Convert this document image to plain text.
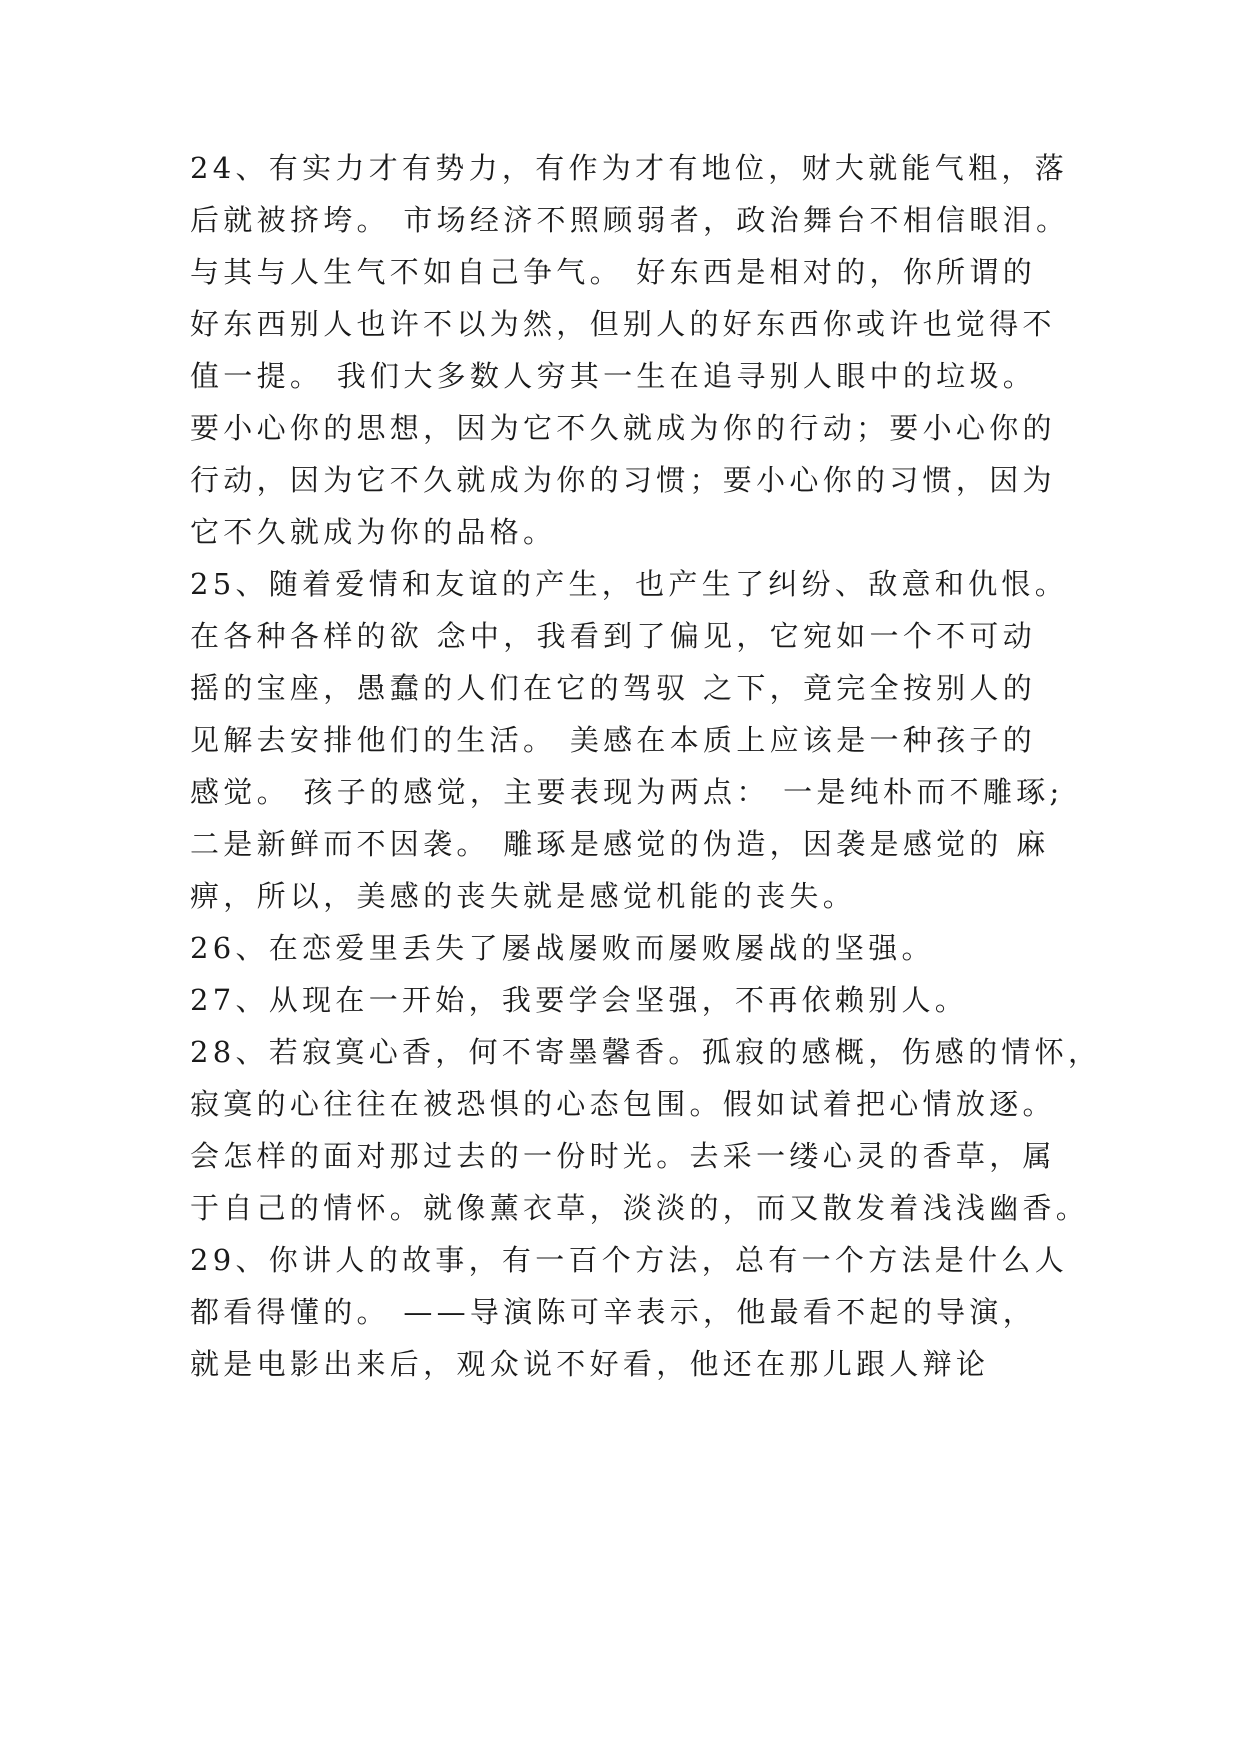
24、有实力才有势力，有作为才有地位，财大就能气粗，落
后就被挤垮。 市场经济不照顾弱者，政治舞台不相信眼泪。
与其与人生气不如自己争气。 好东西是相对的，你所谓的
好东西别人也许不以为然，但别人的好东西你或许也觉得不
值一提。 我们大多数人穷其一生在追寻别人眼中的垃圾。
要小心你的思想，因为它不久就成为你的行动；要小心你的
行动，因为它不久就成为你的习惯；要小心你的习惯，因为
它不久就成为你的品格。
25、随着爱情和友谊的产生，也产生了纠纷、敌意和仇恨。
在各种各样的欲 念中，我看到了偏见，它宛如一个不可动
摇的宝座，愚蠢的人们在它的驾驭 之下，竟完全按别人的
见解去安排他们的生活。 美感在本质上应该是一种孩子的
感觉。 孩子的感觉，主要表现为两点： 一是纯朴而不雕琢;
二是新鲜而不因袭。 雕琢是感觉的伪造，因袭是感觉的 麻
痹，所以，美感的丧失就是感觉机能的丧失。
26、在恋爱里丢失了屡战屡败而屡败屡战的坚强。
27、从现在一开始，我要学会坚强，不再依赖别人。
28、若寂寞心香，何不寄墨馨香。孤寂的感概，伤感的情怀，
寂寞的心往往在被恐惧的心态包围。假如试着把心情放逐。
会怎样的面对那过去的一份时光。去采一缕心灵的香草，属
于自己的情怀。就像薰衣草，淡淡的，而又散发着浅浅幽香。
29、你讲人的故事，有一百个方法，总有一个方法是什么人
都看得懂的。 ——导演陈可辛表示，他最看不起的导演，
就是电影出来后，观众说不好看，他还在那儿跟人辩论
